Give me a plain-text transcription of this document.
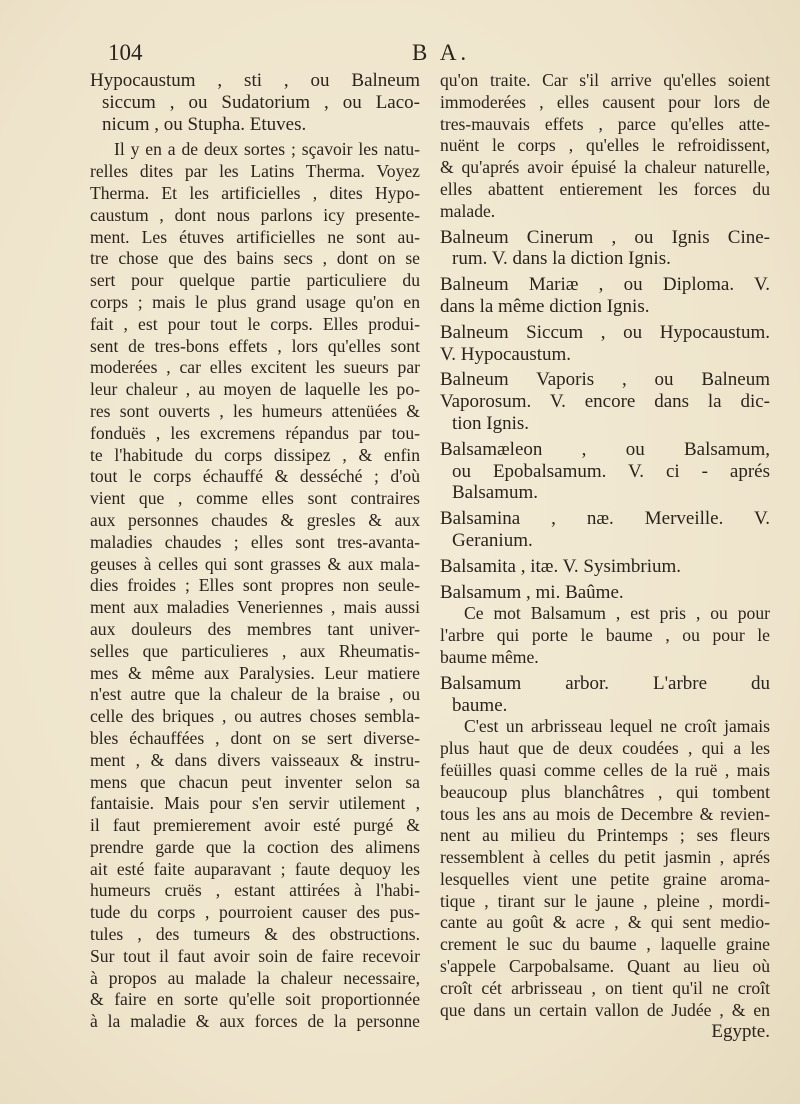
104	B A.
Hypocaustum , sti , ou Balneum
siccum , ou Sudatorium , ou Laco-
nicum , ou Stupha. Etuves.
Il y en a de deux sortes ; sçavoir les natu-
relles dites par les Latins Therma. Voyez
Therma. Et les artificielles , dites Hypo-
caustum , dont nous parlons icy presente-
ment. Les étuves artificielles ne sont au-
tre chose que des bains secs , dont on se
sert pour quelque partie particuliere du
corps ; mais le plus grand usage qu'on en
fait , est pour tout le corps. Elles produi-
sent de tres-bons effets , lors qu'elles sont
moderées , car elles excitent les sueurs par
leur chaleur , au moyen de laquelle les po-
res sont ouverts , les humeurs attenüées &
fonduës , les excremens répandus par tou-
te l'habitude du corps dissipez , & enfin
tout le corps échauffé & desséché ; d'où
vient que , comme elles sont contraires
aux personnes chaudes & gresles & aux
maladies chaudes ; elles sont tres-avanta-
geuses à celles qui sont grasses & aux mala-
dies froides ; Elles sont propres non seule-
ment aux maladies Veneriennes , mais aussi
aux douleurs des membres tant univer-
selles que particulieres , aux Rheumatis-
mes & même aux Paralysies. Leur matiere
n'est autre que la chaleur de la braise , ou
celle des briques , ou autres choses sembla-
bles échauffées , dont on se sert diverse-
ment , & dans divers vaisseaux & instru-
mens que chacun peut inventer selon sa
fantaisie. Mais pour s'en servir utilement ,
il faut premierement avoir esté purgé &
prendre garde que la coction des alimens
ait esté faite auparavant ; faute dequoy les
humeurs cruës , estant attirées à l'habi-
tude du corps , pourroient causer des pus-
tules , des tumeurs & des obstructions.
Sur tout il faut avoir soin de faire recevoir
à propos au malade la chaleur necessaire,
& faire en sorte qu'elle soit proportionnée
à la maladie & aux forces de la personne
qu'on traite. Car s'il arrive qu'elles soient
immoderées , elles causent pour lors de
tres-mauvais effets , parce qu'elles atte-
nuënt le corps , qu'elles le refroidissent,
& qu'aprés avoir épuisé la chaleur naturelle,
elles abattent entierement les forces du
malade.
Balneum Cinerum , ou Ignis Cine-
rum. V. dans la diction Ignis.
Balneum Mariæ , ou Diploma. V.
dans la même diction Ignis.
Balneum Siccum , ou Hypocaustum.
V. Hypocaustum.
Balneum Vaporis , ou Balneum
Vaporosum. V. encore dans la dic-
tion Ignis.
Balsamæleon , ou Balsamum,
ou Epobalsamum. V. ci - aprés
Balsamum.
Balsamina , næ. Merveille. V.
Geranium.
Balsamita , itæ. V. Sysimbrium.
Balsamum , mi. Baûme.
Ce mot Balsamum , est pris , ou pour
l'arbre qui porte le baume , ou pour le
baume même.
Balsamum arbor. L'arbre du
baume.
C'est un arbrisseau lequel ne croît jamais
plus haut que de deux coudées , qui a les
feüilles quasi comme celles de la ruë , mais
beaucoup plus blanchâtres , qui tombent
tous les ans au mois de Decembre & revien-
nent au milieu du Printemps ; ses fleurs
ressemblent à celles du petit jasmin , aprés
lesquelles vient une petite graine aroma-
tique , tirant sur le jaune , pleine , mordi-
cante au goût & acre , & qui sent medio-
crement le suc du baume , laquelle graine
s'appele Carpobalsame. Quant au lieu où
croît cét arbrisseau , on tient qu'il ne croît
que dans un certain vallon de Judée , & en
Egypte.
